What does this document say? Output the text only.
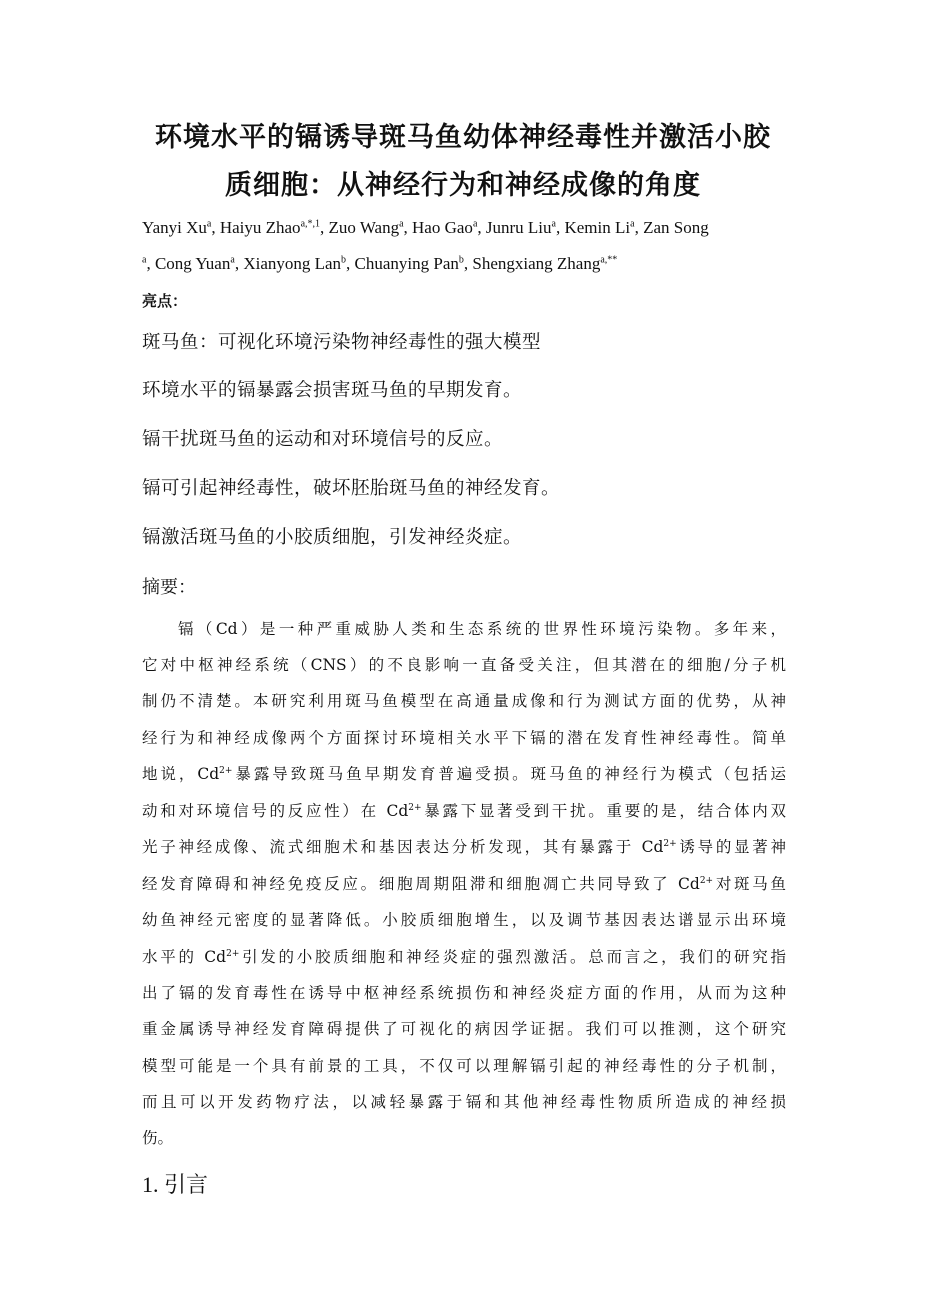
环境水平的镉诱导斑马鱼幼体神经毒性并激活小胶
质细胞：从神经行为和神经成像的角度

Yanyi Xu$^a$, Haiyu Zhao$^{a,*,1}$, Zuo Wang$^a$, Hao Gao$^a$, Junru Liu$^a$, Kemin Li$^a$, Zan Song

$^a$, Cong Yuan$^a$, Xianyong Lan$^b$, Chuanying Pan$^b$, Shengxiang Zhang$^{a,**}$

亮点：

斑马鱼：可视化环境污染物神经毒性的强大模型

环境水平的镉暴露会损害斑马鱼的早期发育。

镉干扰斑马鱼的运动和对环境信号的反应。

镉可引起神经毒性，破坏胚胎斑马鱼的神经发育。

镉激活斑马鱼的小胶质细胞，引发神经炎症。

摘要：

镉（Cd）是一种严重威胁人类和生态系统的世界性环境污染物。多年来，

它对中枢神经系统（CNS）的不良影响一直备受关注，但其潜在的细胞/分子机

制仍不清楚。本研究利用斑马鱼模型在高通量成像和行为测试方面的优势，从神

经行为和神经成像两个方面探讨环境相关水平下镉的潜在发育性神经毒性。简单

地说，$Cd^{2+}$暴露导致斑马鱼早期发育普遍受损。斑马鱼的神经行为模式（包括运

动和对环境信号的反应性）在 $Cd^{2+}$暴露下显著受到干扰。重要的是，结合体内双

光子神经成像、流式细胞术和基因表达分析发现，其有暴露于 $Cd^{2+}$诱导的显著神

经发育障碍和神经免疫反应。细胞周期阻滞和细胞凋亡共同导致了 $Cd^{2+}$对斑马鱼

幼鱼神经元密度的显著降低。小胶质细胞增生，以及调节基因表达谱显示出环境

水平的 $Cd^{2+}$引发的小胶质细胞和神经炎症的强烈激活。总而言之，我们的研究指

出了镉的发育毒性在诱导中枢神经系统损伤和神经炎症方面的作用，从而为这种

重金属诱导神经发育障碍提供了可视化的病因学证据。我们可以推测，这个研究

模型可能是一个具有前景的工具，不仅可以理解镉引起的神经毒性的分子机制，

而且可以开发药物疗法，以减轻暴露于镉和其他神经毒性物质所造成的神经损

伤。

1. 引言
